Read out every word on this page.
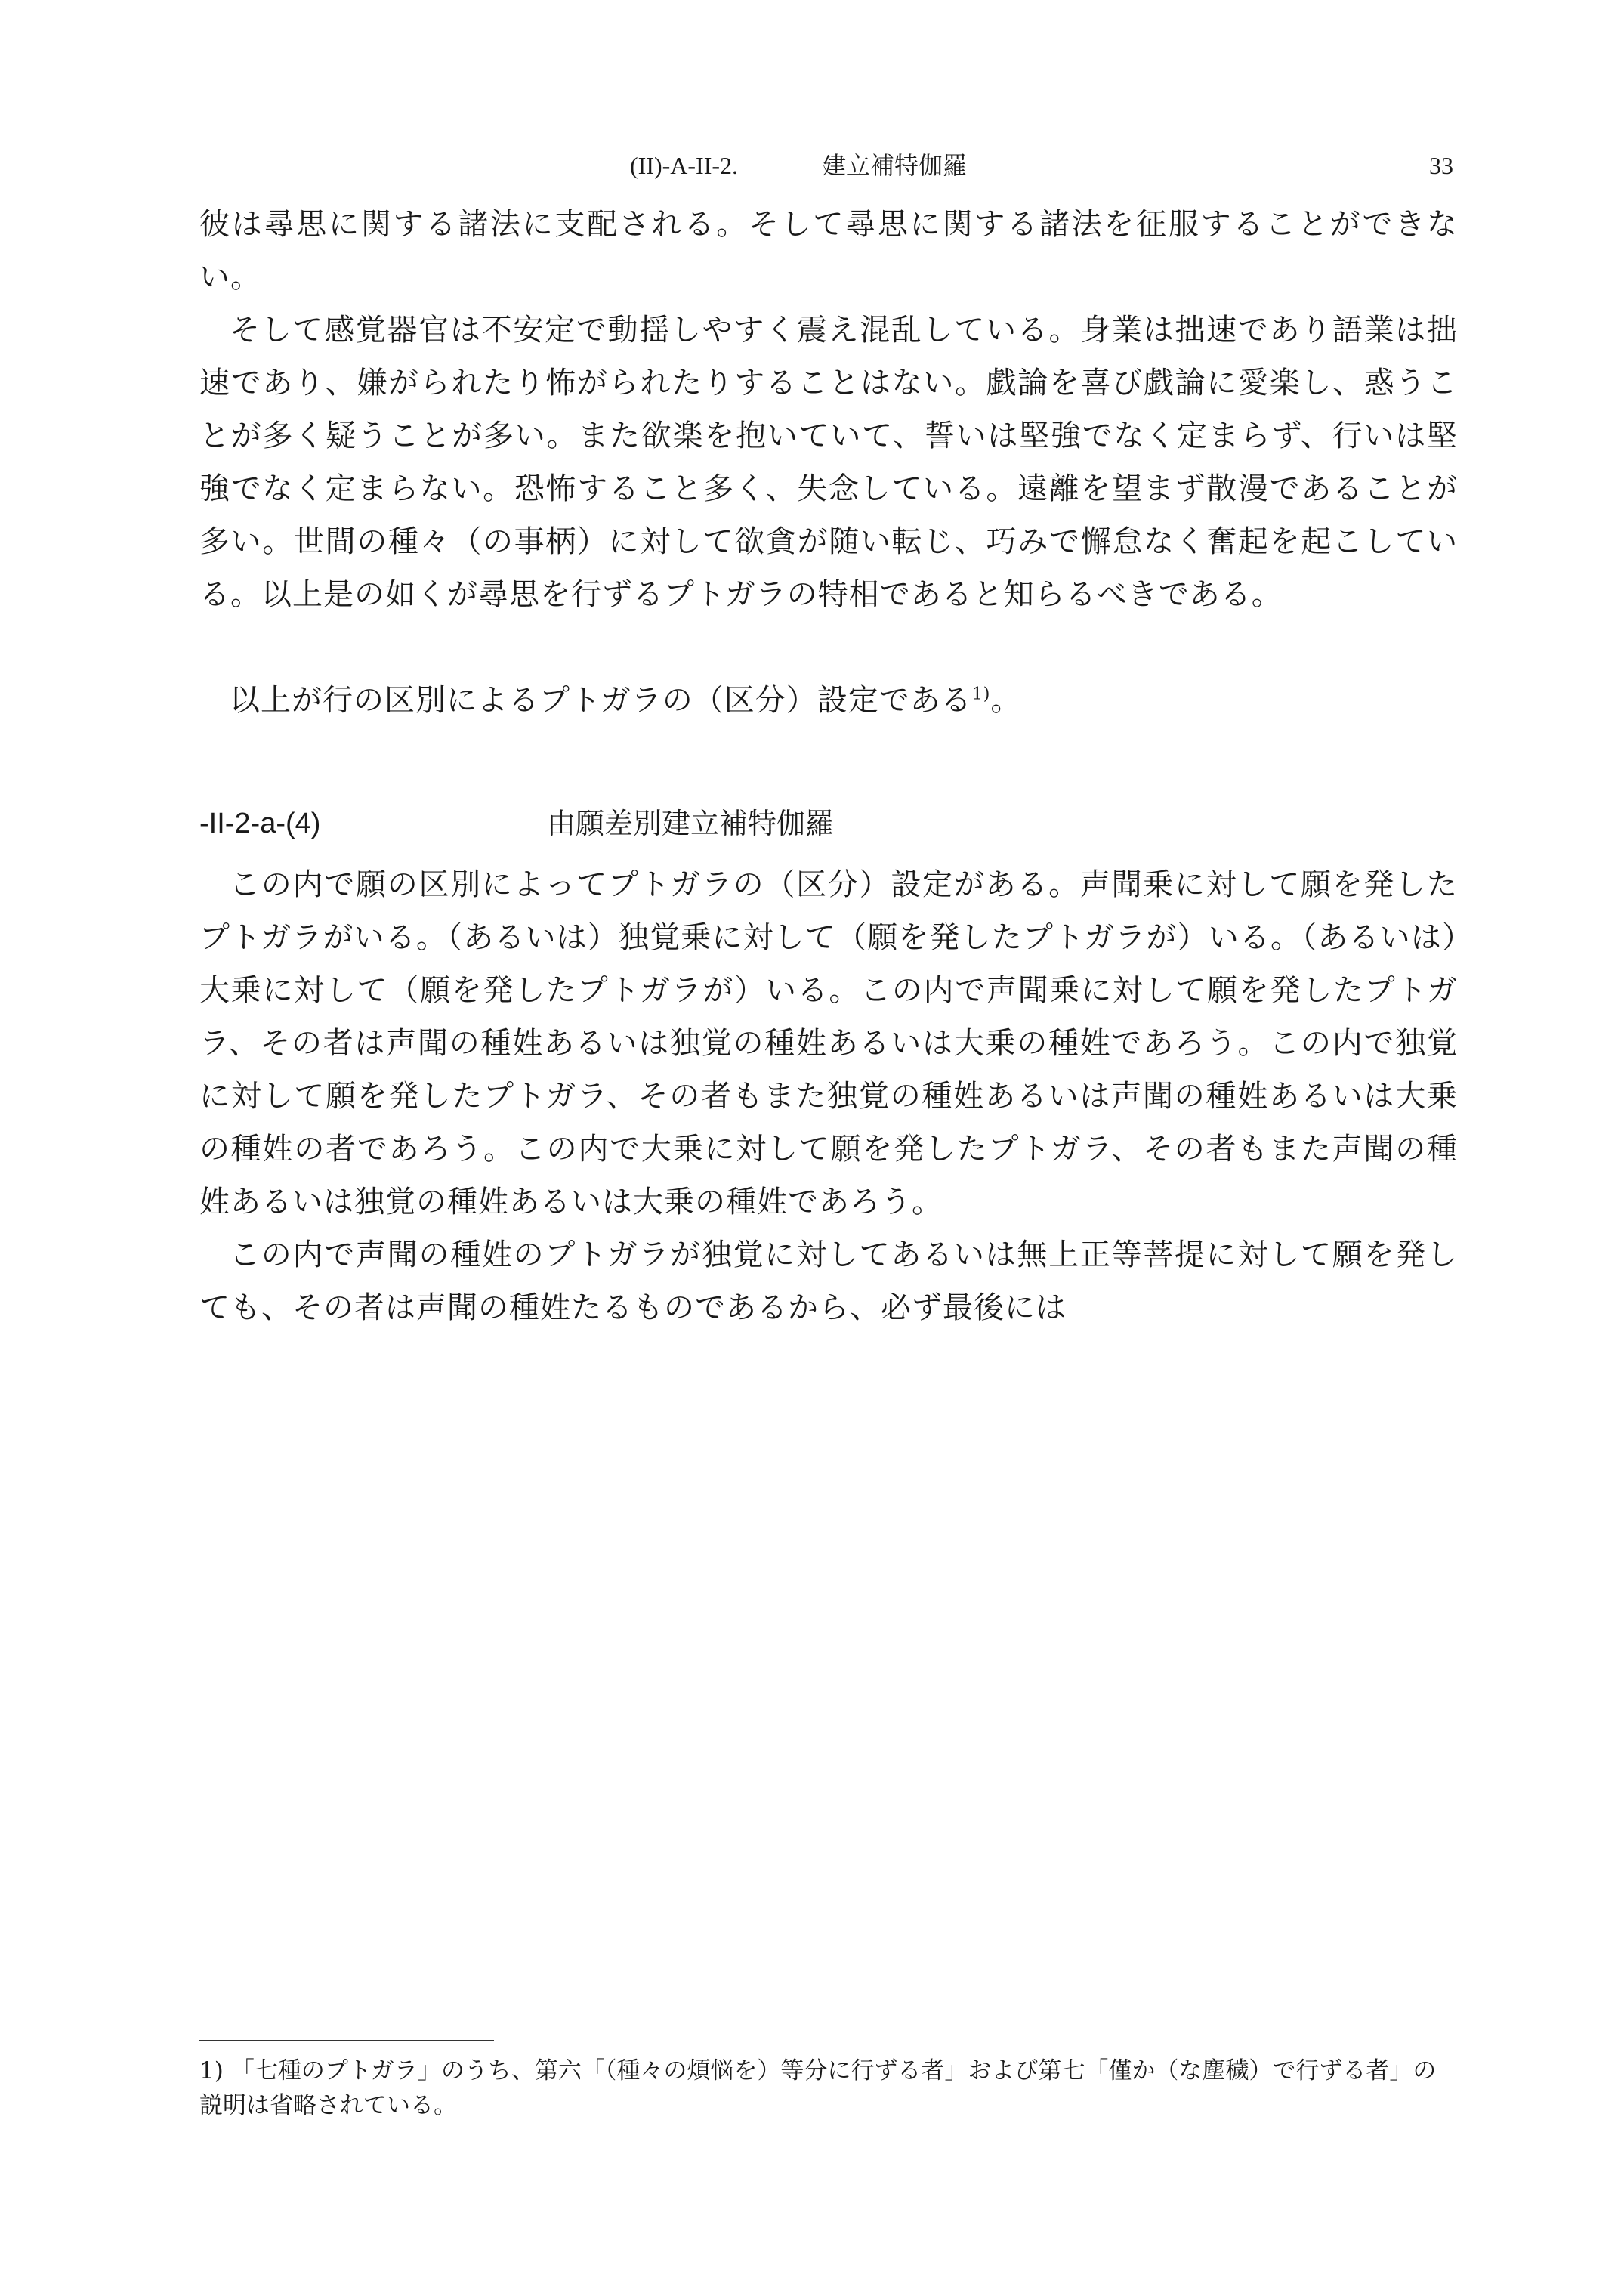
(II)-A-II-2.	建立補特伽羅	33

彼は尋思に関する諸法に支配される。そして尋思に関する諸法を征服することができない。

そして感覚器官は不安定で動揺しやすく震え混乱している。身業は拙速であり語業は拙速であり、嫌がられたり怖がられたりすることはない。戯論を喜び戯論に愛楽し、惑うことが多く疑うことが多い。また欲楽を抱いていて、誓いは堅強でなく定まらず、行いは堅強でなく定まらない。恐怖すること多く、失念している。遠離を望まず散漫であることが多い。世間の種々（の事柄）に対して欲貪が随い転じ、巧みで懈怠なく奮起を起こしている。以上是の如くが尋思を行ずるプトガラの特相であると知らるべきである。

以上が行の区別によるプトガラの（区分）設定である$^{1)}$。

-II-2-a-(4)	由願差別建立補特伽羅

この内で願の区別によってプトガラの（区分）設定がある。声聞乗に対して願を発したプトガラがいる。（あるいは）独覚乗に対して（願を発したプトガラが）いる。（あるいは）大乗に対して（願を発したプトガラが）いる。この内で声聞乗に対して願を発したプトガラ、その者は声聞の種姓あるいは独覚の種姓あるいは大乗の種姓であろう。この内で独覚に対して願を発したプトガラ、その者もまた独覚の種姓あるいは声聞の種姓あるいは大乗の種姓の者であろう。この内で大乗に対して願を発したプトガラ、その者もまた声聞の種姓あるいは独覚の種姓あるいは大乗の種姓であろう。

この内で声聞の種姓のプトガラが独覚に対してあるいは無上正等菩提に対して願を発しても、その者は声聞の種姓たるものであるから、必ず最後には

1) 「七種のプトガラ」のうち、第六「（種々の煩悩を）等分に行ずる者」および第七「僅か（な塵穢）で行ずる者」の説明は省略されている。
